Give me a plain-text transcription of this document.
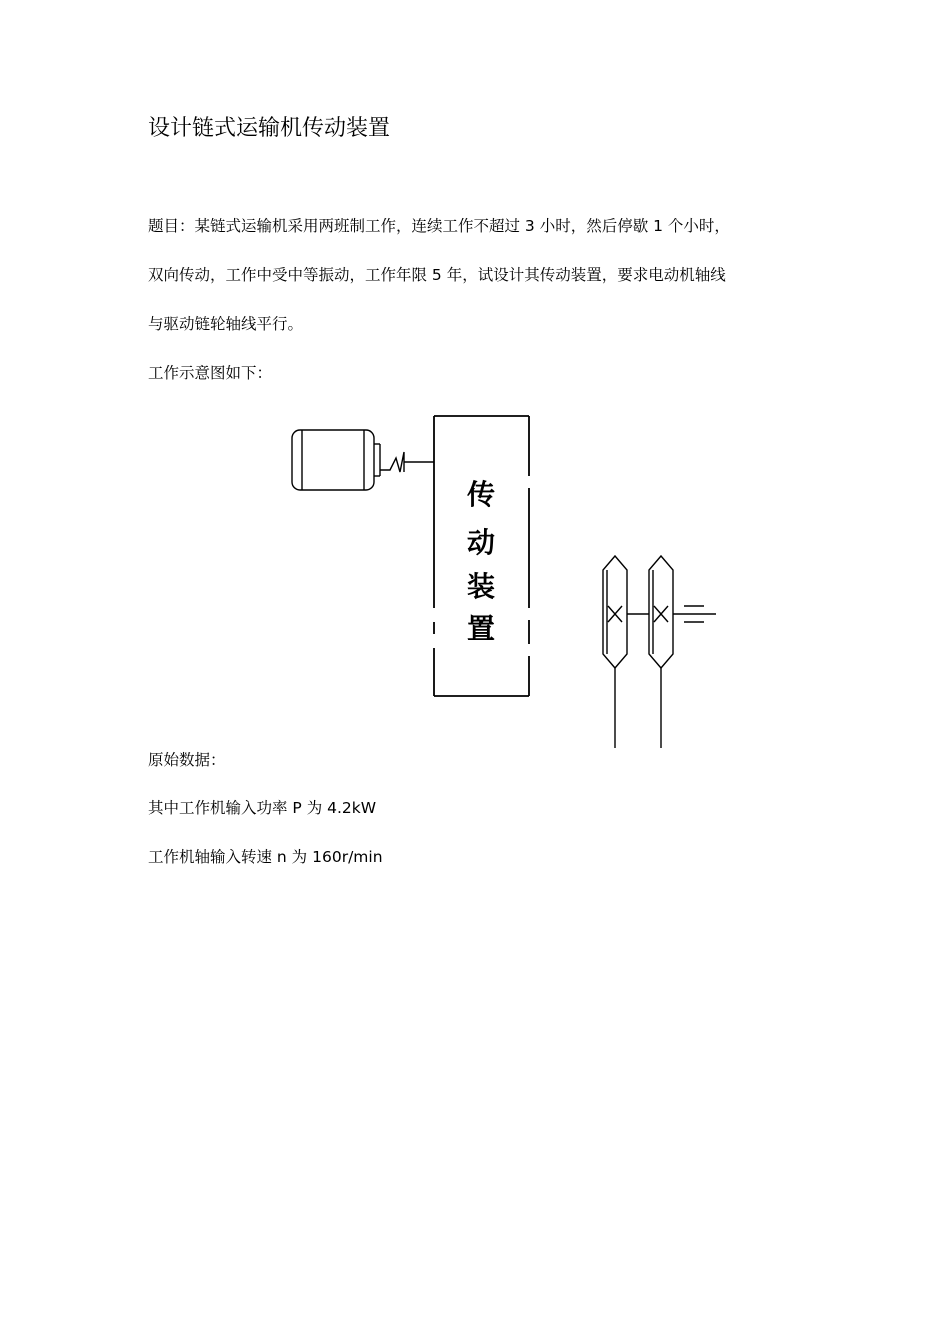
设计链式运输机传动装置
题目：某链式运输机采用两班制工作，连续工作不超过 3 小时，然后停歇 1 个小时，
双向传动，工作中受中等振动，工作年限 5 年，试设计其传动装置，要求电动机轴线
与驱动链轮轴线平行。
工作示意图如下：
传
动
装
置
原始数据：
其中工作机输入功率 P 为 4.2kW
工作机轴输入转速 n 为 160r/min
